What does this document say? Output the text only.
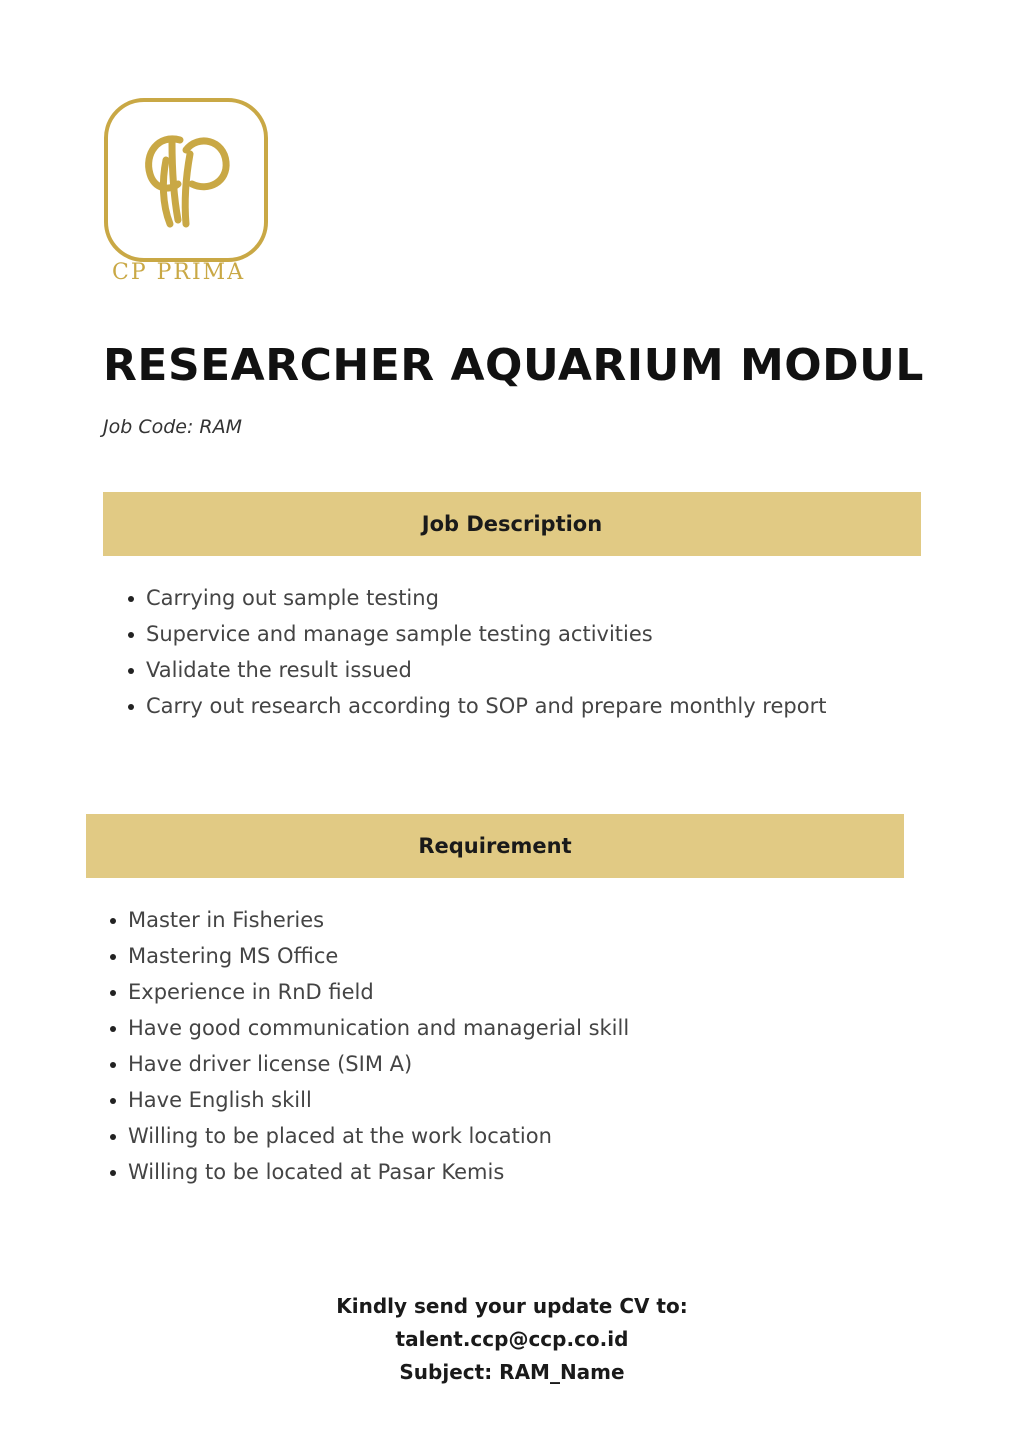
CP PRIMA
RESEARCHER AQUARIUM MODUL
Job Code: RAM
Job Description
Carrying out sample testing
Supervice and manage sample testing activities
Validate the result issued
Carry out research according to SOP and prepare monthly report
Requirement
Master in Fisheries
Mastering MS Office
Experience in RnD field
Have good communication and managerial skill
Have driver license (SIM A)
Have English skill
Willing to be placed at the work location
Willing to be located at Pasar Kemis
Kindly send your update CV to:
talent.ccp@ccp.co.id
Subject: RAM_Name
